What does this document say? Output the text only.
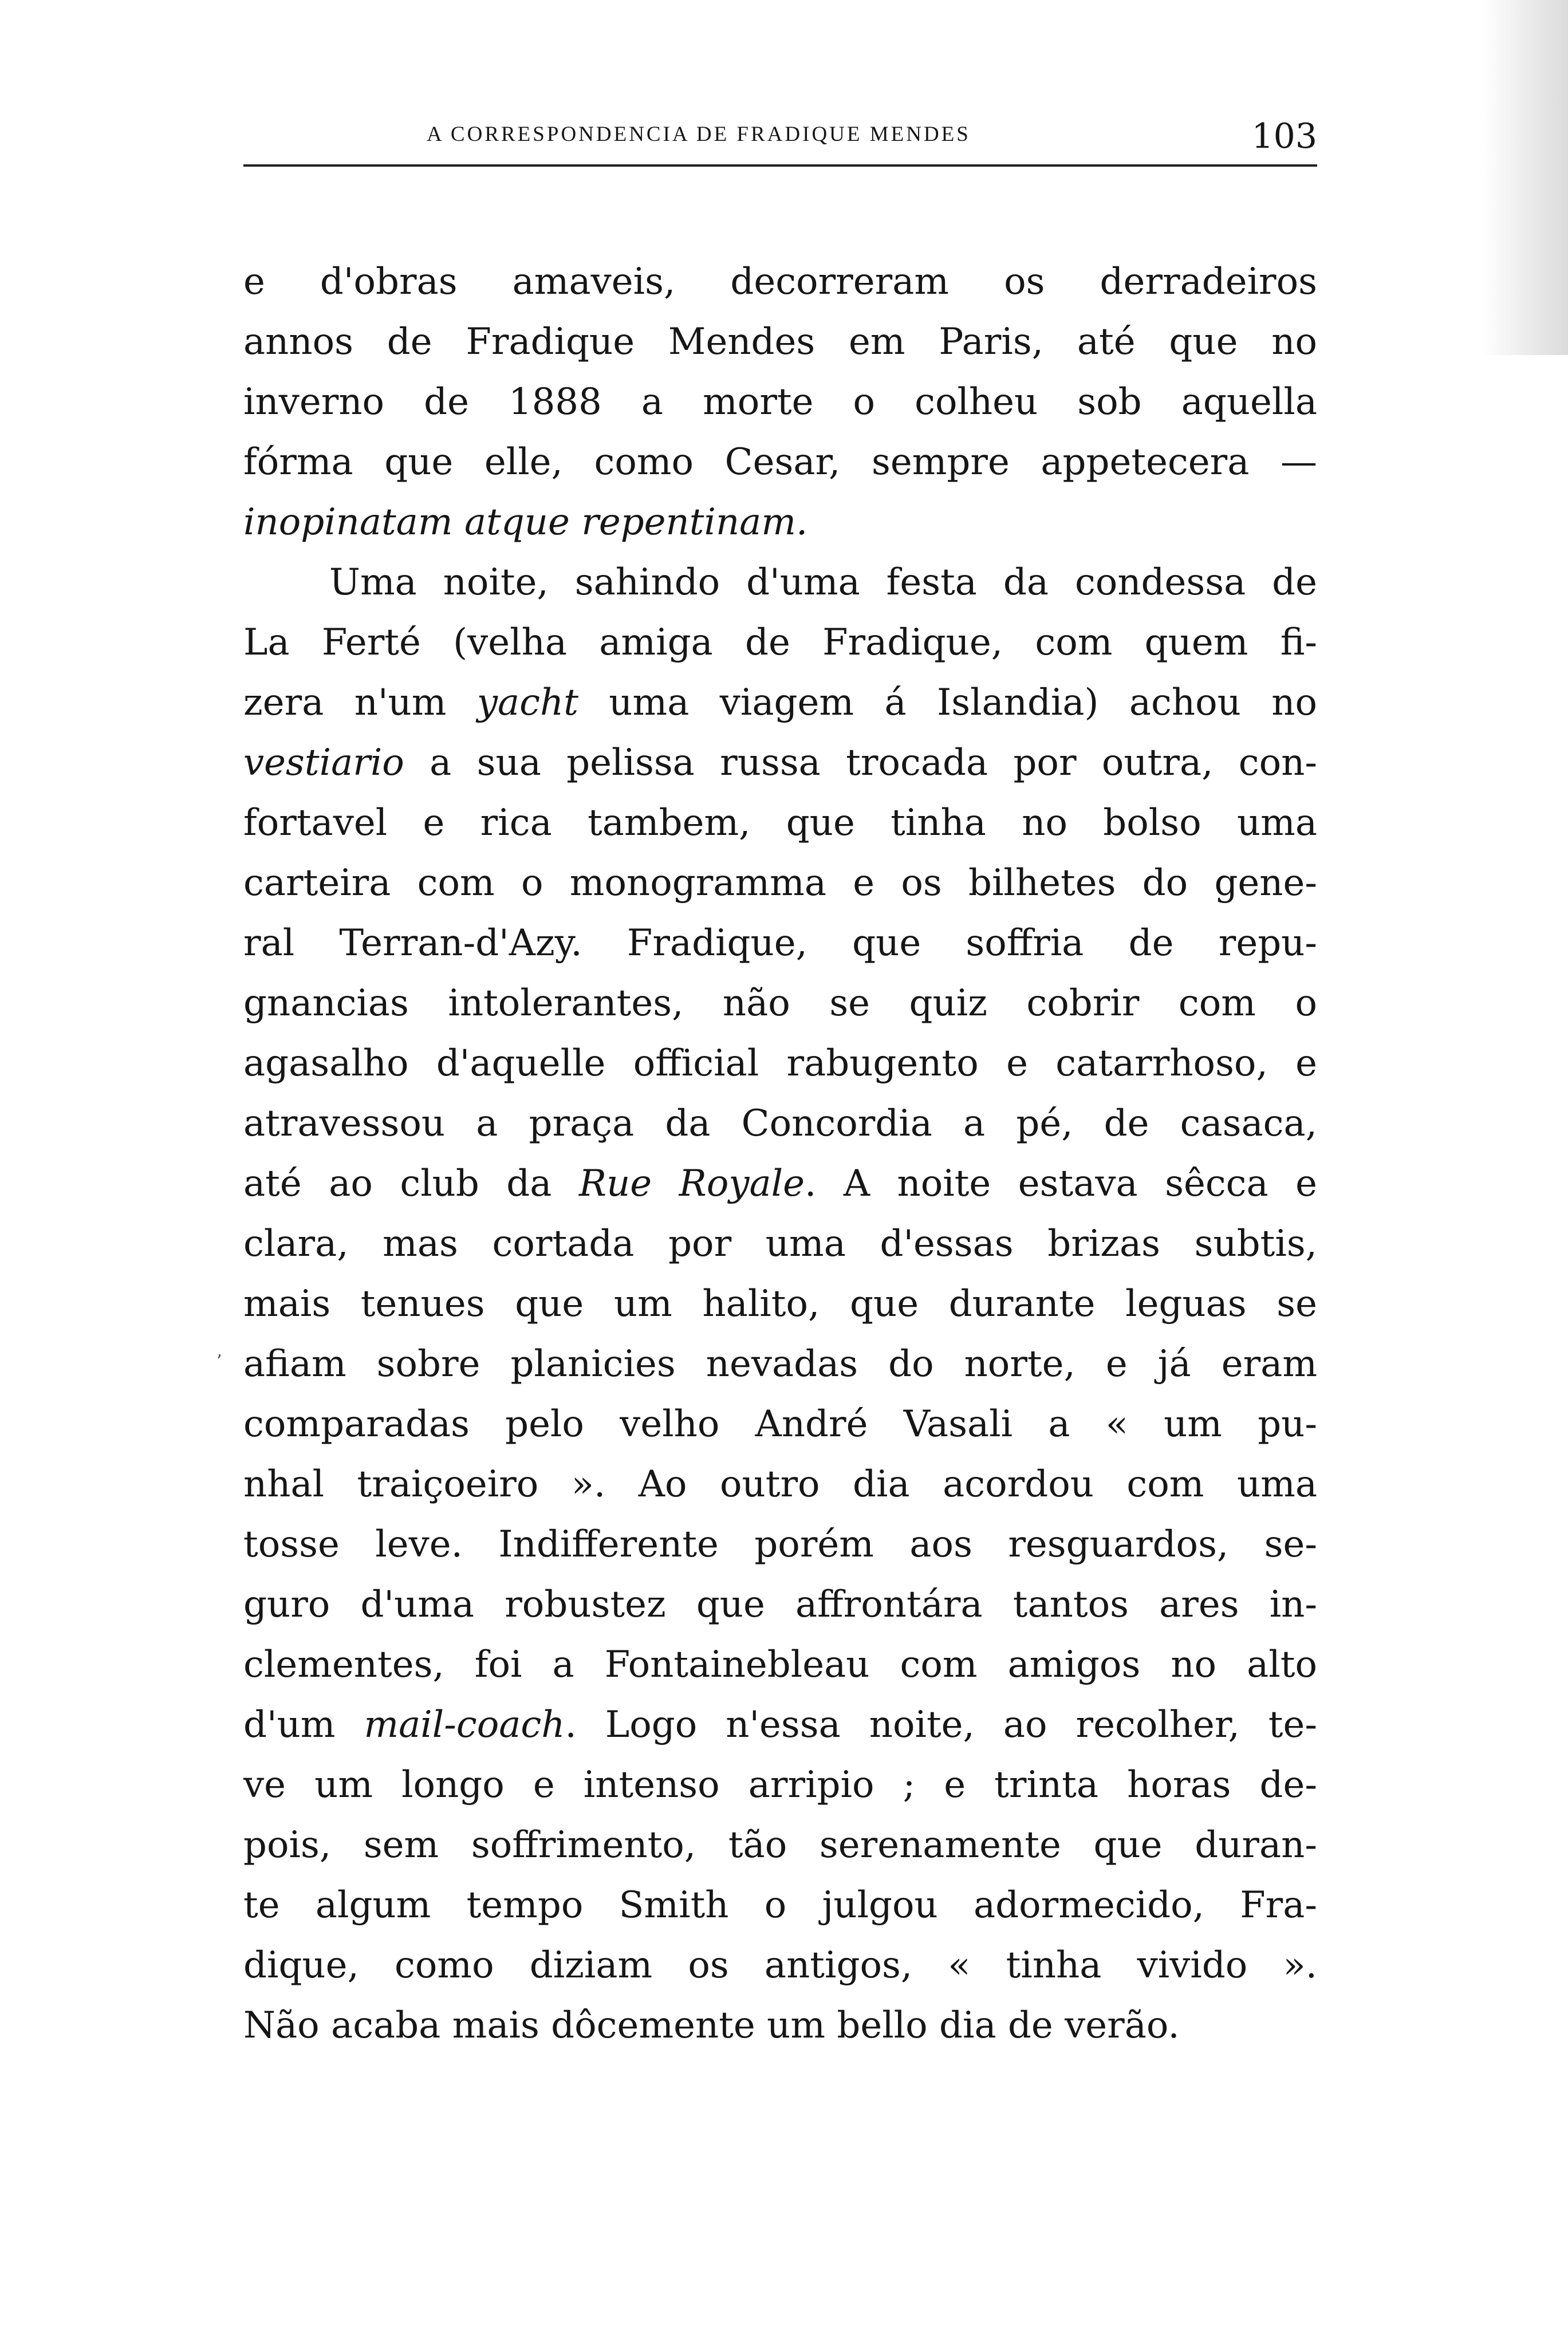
A CORRESPONDENCIA DE FRADIQUE MENDES	103
’
e d'obras amaveis, decorreram os derradeiros
annos de Fradique Mendes em Paris, até que no
inverno de 1888 a morte o colheu sob aquella
fórma que elle, como Cesar, sempre appetecera —
inopinatam atque repentinam.
Uma noite, sahindo d'uma festa da condessa de
La Ferté (velha amiga de Fradique, com quem fi-
zera n'um yacht uma viagem á Islandia) achou no
vestiario a sua pelissa russa trocada por outra, con-
fortavel e rica tambem, que tinha no bolso uma
carteira com o monogramma e os bilhetes do gene-
ral Terran-d'Azy. Fradique, que soffria de repu-
gnancias intolerantes, não se quiz cobrir com o
agasalho d'aquelle official rabugento e catarrhoso, e
atravessou a praça da Concordia a pé, de casaca,
até ao club da Rue Royale. A noite estava sêcca e
clara, mas cortada por uma d'essas brizas subtis,
mais tenues que um halito, que durante leguas se
afiam sobre planicies nevadas do norte, e já eram
comparadas pelo velho André Vasali a « um pu-
nhal traiçoeiro ». Ao outro dia acordou com uma
tosse leve. Indifferente porém aos resguardos, se-
guro d'uma robustez que affrontára tantos ares in-
clementes, foi a Fontainebleau com amigos no alto
d'um mail-coach. Logo n'essa noite, ao recolher, te-
ve um longo e intenso arripio ; e trinta horas de-
pois, sem soffrimento, tão serenamente que duran-
te algum tempo Smith o julgou adormecido, Fra-
dique, como diziam os antigos, « tinha vivido ».
Não acaba mais dôcemente um bello dia de verão.
